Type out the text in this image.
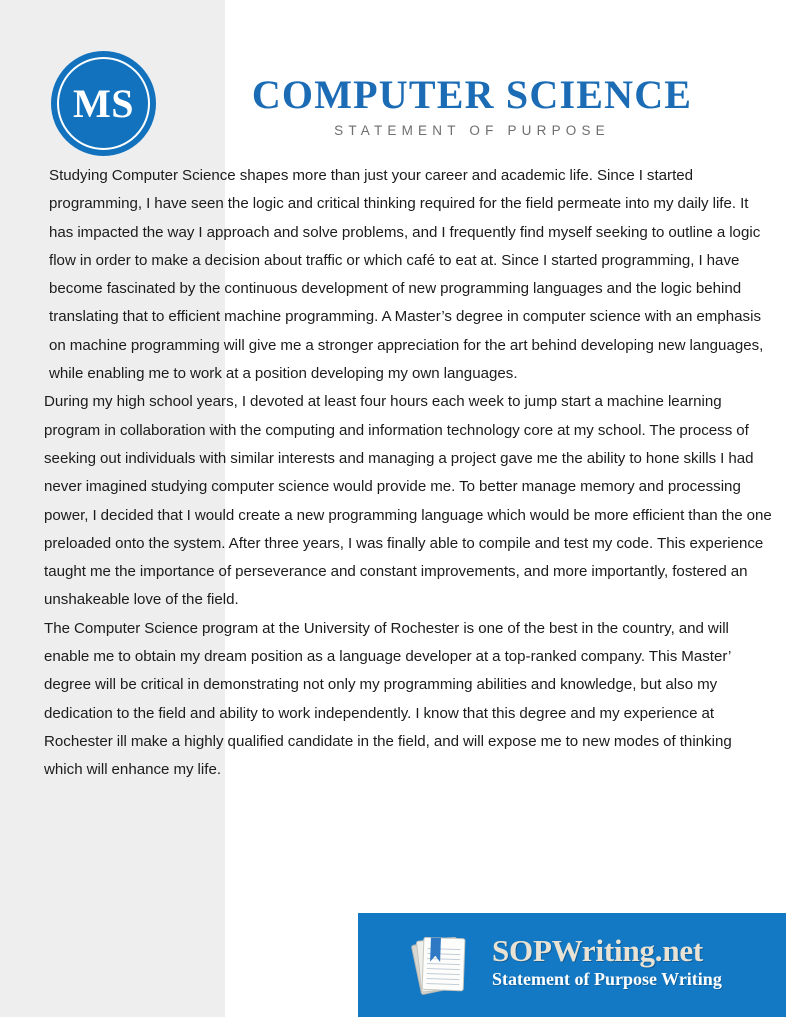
MS	COMPUTER SCIENCE
STATEMENT OF PURPOSE

Studying Computer Science shapes more than just your career and academic life. Since I started programming, I have seen the logic and critical thinking required for the field permeate into my daily life. It has impacted the way I approach and solve problems, and I frequently find myself seeking to outline a logic flow in order to make a decision about traffic or which café to eat at. Since I started programming, I have become fascinated by the continuous development of new programming languages and the logic behind translating that to efficient machine programming. A Master’s degree in computer science with an emphasis on machine programming will give me a stronger appreciation for the art behind developing new languages, while enabling me to work at a position developing my own languages.

During my high school years, I devoted at least four hours each week to jump start a machine learning program in collaboration with the computing and information technology core at my school. The process of seeking out individuals with similar interests and managing a project gave me the ability to hone skills I had never imagined studying computer science would provide me. To better manage memory and processing power, I decided that I would create a new programming language which would be more efficient than the one preloaded onto the system. After three years, I was finally able to compile and test my code. This experience taught me the importance of perseverance and constant improvements, and more importantly, fostered an unshakeable love of the field.

The Computer Science program at the University of Rochester is one of the best in the country, and will enable me to obtain my dream position as a language developer at a top-ranked company. This Master’ degree will be critical in demonstrating not only my programming abilities and knowledge, but also my dedication to the field and ability to work independently. I know that this degree and my experience at Rochester ill make a highly qualified candidate in the field, and will expose me to new modes of thinking which will enhance my life.

SOPWriting.net
Statement of Purpose Writing
